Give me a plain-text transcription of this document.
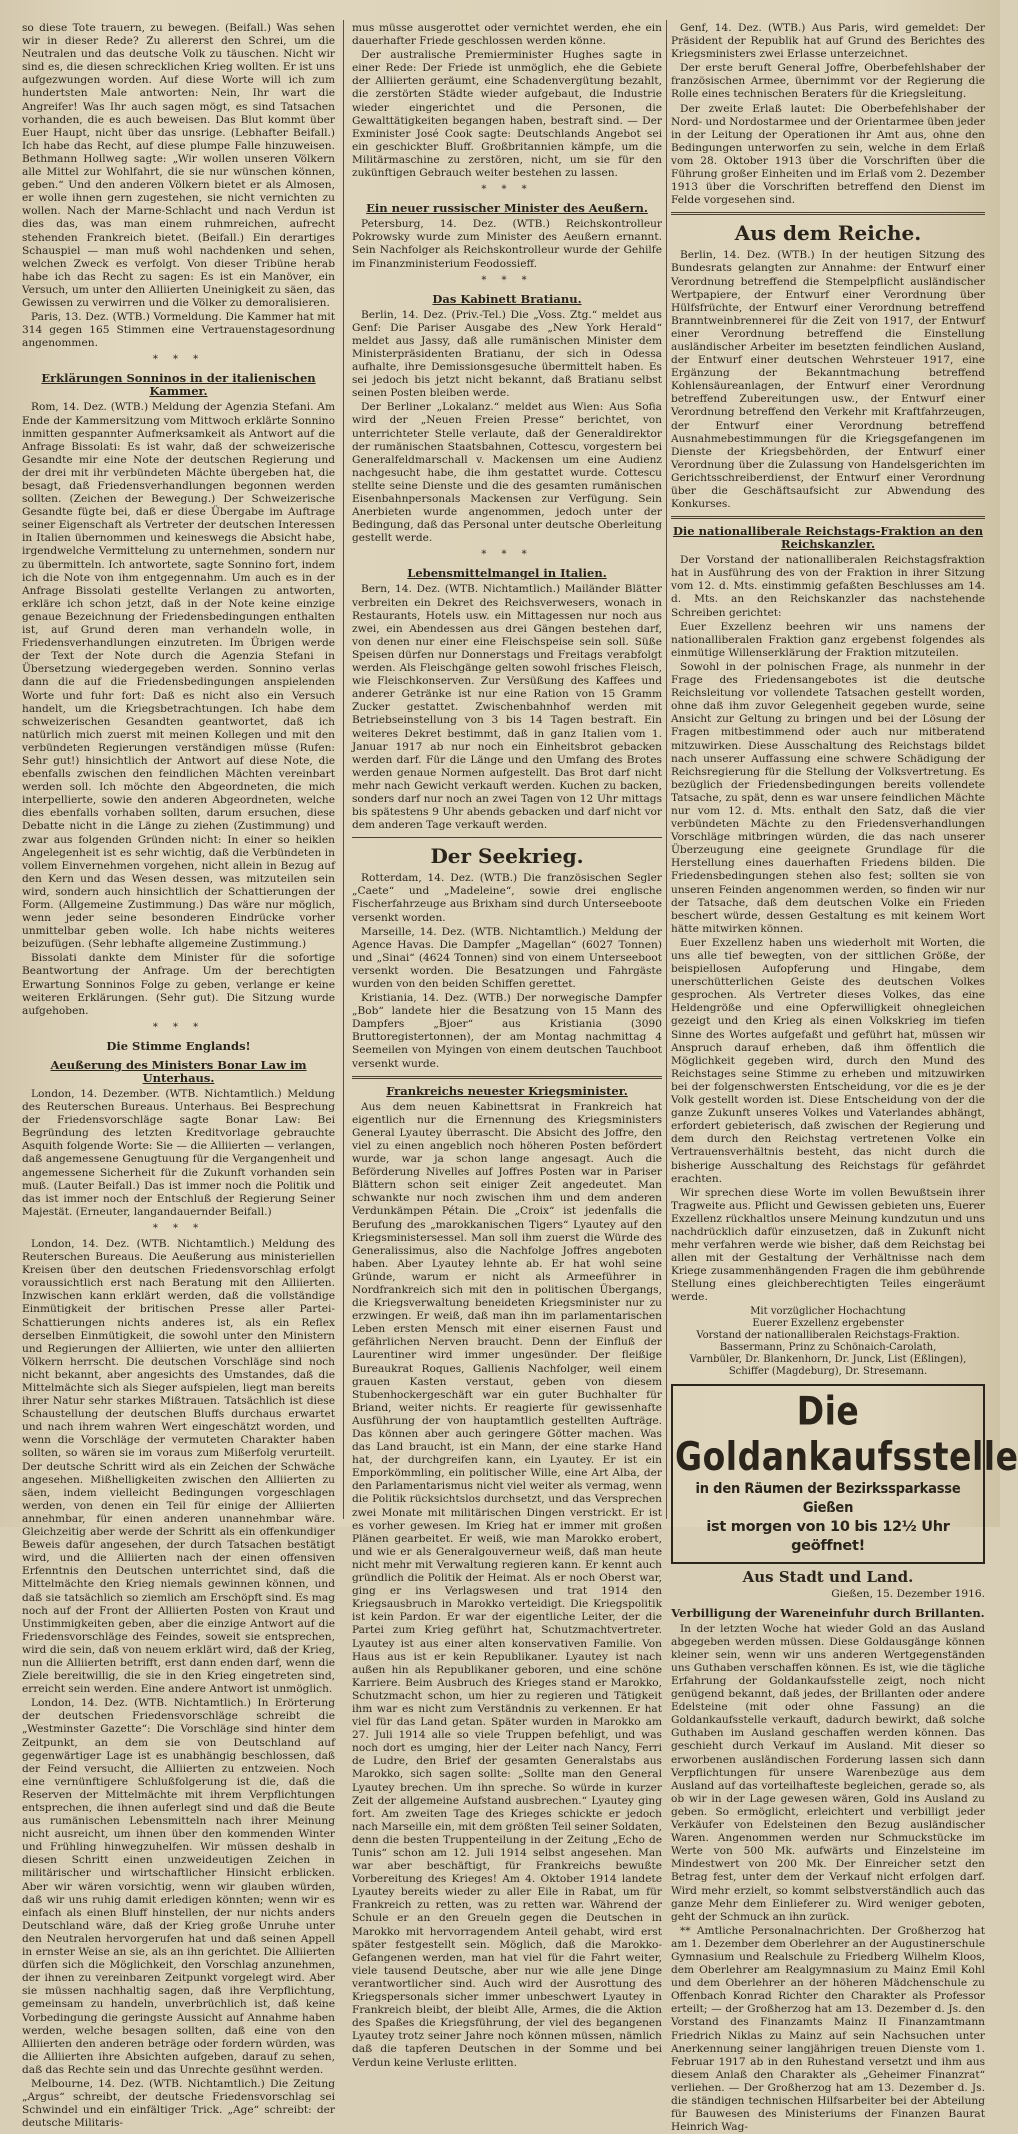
so diese Tote trauern, zu bewegen. (Beifall.) Was sehen wir in dieser Rede? Zu allererst den Schrei, um die Neutralen und das deutsche Volk zu täuschen. Nicht wir sind es, die diesen schrecklichen Krieg wollten. Er ist uns aufgezwungen worden. Auf diese Worte will ich zum hundertsten Male antworten: Nein, Ihr wart die Angreifer! Was Ihr auch sagen mögt, es sind Tatsachen vorhanden, die es auch beweisen. Das Blut kommt über Euer Haupt, nicht über das unsrige. (Lebhafter Beifall.) Ich habe das Recht, auf diese plumpe Falle hinzuweisen. Bethmann Hollweg sagte: „Wir wollen unseren Völkern alle Mittel zur Wohlfahrt, die sie nur wünschen können, geben.“ Und den anderen Völkern bietet er als Almosen, er wolle ihnen gern zugestehen, sie nicht vernichten zu wollen. Nach der Marne-Schlacht und nach Verdun ist dies das, was man einem ruhmreichen, aufrecht stehenden Frankreich bietet. (Beifall.) Ein derartiges Schauspiel — man muß wohl nachdenken und sehen, welchen Zweck es verfolgt. Von dieser Tribüne herab habe ich das Recht zu sagen: Es ist ein Manöver, ein Versuch, um unter den Alliierten Uneinigkeit zu säen, das Gewissen zu verwirren und die Völker zu demoralisieren.

Paris, 13. Dez. (WTB.) Vormeldung. Die Kammer hat mit 314 gegen 165 Stimmen eine Vertrauenstagesordnung angenommen.

* * *
Erklärungen Sonninos in der italienischen Kammer.

Rom, 14. Dez. (WTB.) Meldung der Agenzia Stefani. Am Ende der Kammersitzung vom Mittwoch erklärte Sonnino inmitten gespannter Aufmerksamkeit als Antwort auf die Anfrage Bissolati: Es ist wahr, daß der schweizerische Gesandte mir eine Note der deutschen Regierung und der drei mit ihr verbündeten Mächte übergeben hat, die besagt, daß Friedensverhandlungen begonnen werden sollten. (Zeichen der Bewegung.) Der Schweizerische Gesandte fügte bei, daß er diese Übergabe im Auftrage seiner Eigenschaft als Vertreter der deutschen Interessen in Italien übernommen und keineswegs die Absicht habe, irgendwelche Vermittelung zu unternehmen, sondern nur zu übermitteln. Ich antwortete, sagte Sonnino fort, indem ich die Note von ihm entgegennahm. Um auch es in der Anfrage Bissolati gestellte Verlangen zu antworten, erkläre ich schon jetzt, daß in der Note keine einzige genaue Bezeichnung der Friedensbedingungen enthalten ist, auf Grund deren man verhandeln wolle, in Friedensverhandlungen einzutreten. Im Übrigen werde der Text der Note durch die Agenzia Stefani in Übersetzung wiedergegeben werden. Sonnino verlas dann die auf die Friedensbedingungen anspielenden Worte und fuhr fort: Daß es nicht also ein Versuch handelt, um die Kriegsbetrachtungen. Ich habe dem schweizerischen Gesandten geantwortet, daß ich natürlich mich zuerst mit meinen Kollegen und mit den verbündeten Regierungen verständigen müsse (Rufen: Sehr gut!) hinsichtlich der Antwort auf diese Note, die ebenfalls zwischen den feindlichen Mächten vereinbart werden soll. Ich möchte den Abgeordneten, die mich interpellierte, sowie den anderen Abgeordneten, welche dies ebenfalls vorhaben sollten, darum ersuchen, diese Debatte nicht in die Länge zu ziehen (Zustimmung) und zwar aus folgenden Gründen nicht: In einer so heiklen Angelegenheit ist es sehr wichtig, daß die Verbündeten in vollem Einvernehmen vorgehen, nicht allein in Bezug auf den Kern und das Wesen dessen, was mitzuteilen sein wird, sondern auch hinsichtlich der Schattierungen der Form. (Allgemeine Zustimmung.) Das wäre nur möglich, wenn jeder seine besonderen Eindrücke vorher unmittelbar geben wolle. Ich habe nichts weiteres beizufügen. (Sehr lebhafte allgemeine Zustimmung.)

Bissolati dankte dem Minister für die sofortige Beantwortung der Anfrage. Um der berechtigten Erwartung Sonninos Folge zu geben, verlange er keine weiteren Erklärungen. (Sehr gut). Die Sitzung wurde aufgehoben.

* * *
Die Stimme Englands!
Aeußerung des Ministers Bonar Law im Unterhaus.

London, 14. Dezember. (WTB. Nichtamtlich.) Meldung des Reuterschen Bureaus. Unterhaus. Bei Besprechung der Friedensvorschläge sagte Bonar Law: Bei Begründung des letzten Kreditvorlage gebrauchte Asquith folgende Worte: Sie — die Alliierten — verlangen, daß angemessene Genugtuung für die Vergangenheit und angemessene Sicherheit für die Zukunft vorhanden sein muß. (Lauter Beifall.) Das ist immer noch die Politik und das ist immer noch der Entschluß der Regierung Seiner Majestät. (Erneuter, langandauernder Beifall.)

* * *

London, 14. Dez. (WTB. Nichtamtlich.) Meldung des Reuterschen Bureaus. Die Aeußerung aus ministeriellen Kreisen über den deutschen Friedensvorschlag erfolgt voraussichtlich erst nach Beratung mit den Alliierten. Inzwischen kann erklärt werden, daß die vollständige Einmütigkeit der britischen Presse aller Partei-Schattierungen nichts anderes ist, als ein Reflex derselben Einmütigkeit, die sowohl unter den Ministern und Regierungen der Alliierten, wie unter den alliierten Völkern herrscht. Die deutschen Vorschläge sind noch nicht bekannt, aber angesichts des Umstandes, daß die Mittelmächte sich als Sieger aufspielen, liegt man bereits ihrer Natur sehr starkes Mißtrauen. Tatsächlich ist diese Schaustellung der deutschen Bluffs durchaus erwartet und nach ihrem wahren Wert eingeschätzt worden, und wenn die Vorschläge der vermuteten Charakter haben sollten, so wären sie im voraus zum Mißerfolg verurteilt. Der deutsche Schritt wird als ein Zeichen der Schwäche angesehen. Mißhelligkeiten zwischen den Alliierten zu säen, indem vielleicht Bedingungen vorgeschlagen werden, von denen ein Teil für einige der Alliierten annehmbar, für einen anderen unannehmbar wäre. Gleichzeitig aber werde der Schritt als ein offenkundiger Beweis dafür angesehen, der durch Tatsachen bestätigt wird, und die Alliierten nach der einen offensiven Erfenntnis den Deutschen unterrichtet sind, daß die Mittelmächte den Krieg niemals gewinnen können, und daß sie tatsächlich so ziemlich am Erschöpft sind. Es mag noch auf der Front der Alliierten Posten von Kraut und Unstimmigkeiten geben, aber die einzige Antwort auf die Friedensvorschläge des Feindes, soweit sie entsprechen, wird die sein, daß von neuem erklärt wird, daß der Krieg, nun die Alliierten betrifft, erst dann enden darf, wenn die Ziele bereitwillig, die sie in den Krieg eingetreten sind, erreicht sein werden. Eine andere Antwort ist unmöglich.

London, 14. Dez. (WTB. Nichtamtlich.) In Erörterung der deutschen Friedensvorschläge schreibt die „Westminster Gazette“: Die Vorschläge sind hinter dem Zeitpunkt, an dem sie von Deutschland auf gegenwärtiger Lage ist es unabhängig beschlossen, daß der Feind versucht, die Alliierten zu entzweien. Noch eine vernünftigere Schlußfolgerung ist die, daß die Reserven der Mittelmächte mit ihrem Verpflichtungen entsprechen, die ihnen auferlegt sind und daß die Beute aus rumänischen Lebensmitteln nach ihrer Meinung nicht ausreicht, um ihnen über den kommenden Winter und Frühling hinwegzuhelfen. Wir müssen deshalb in diesen Schritt einen unzweideutigen Zeichen in militärischer und wirtschaftlicher Hinsicht erblicken. Aber wir wären vorsichtig, wenn wir glauben würden, daß wir uns ruhig damit erledigen könnten; wenn wir es einfach als einen Bluff hinstellen, der nur nichts anders Deutschland wäre, daß der Krieg große Unruhe unter den Neutralen hervorgerufen hat und daß seinen Appell in ernster Weise an sie, als an ihn gerichtet. Die Alliierten dürfen sich die Möglichkeit, den Vorschlag anzunehmen, der ihnen zu vereinbaren Zeitpunkt vorgelegt wird. Aber sie müssen nachhaltig sagen, daß ihre Verpflichtung, gemeinsam zu handeln, unverbrüchlich ist, daß keine Vorbedingung die geringste Aussicht auf Annahme haben werden, welche besagen sollten, daß eine von den Alliierten den anderen beträge oder fordern würden, was die Alliierten ihre Absichten aufgeben, darauf zu sehen, daß das Rechte sein und das Unrechte gesühnt werden.

Melbourne, 14. Dez. (WTB. Nichtamtlich.) Die Zeitung „Argus“ schreibt, der deutsche Friedensvorschlag sei Schwindel und ein einfältiger Trick. „Age“ schreibt: der deutsche Militaris-

mus müsse ausgerottet oder vernichtet werden, ehe ein dauerhafter Friede geschlossen werden könne.

Der australische Premierminister Hughes sagte in einer Rede: Der Friede ist unmöglich, ehe die Gebiete der Alliierten geräumt, eine Schadenvergütung bezahlt, die zerstörten Städte wieder aufgebaut, die Industrie wieder eingerichtet und die Personen, die Gewalttätigkeiten begangen haben, bestraft sind. — Der Exminister José Cook sagte: Deutschlands Angebot sei ein geschickter Bluff. Großbritannien kämpfe, um die Militärmaschine zu zerstören, nicht, um sie für den zukünftigen Gebrauch weiter bestehen zu lassen.

* * *
Ein neuer russischer Minister des Aeußern.

Petersburg, 14. Dez. (WTB.) Reichskontrolleur Pokrowsky wurde zum Minister des Aeußern ernannt. Sein Nachfolger als Reichskontrolleur wurde der Gehilfe im Finanzministerium Feodossieff.

* * *
Das Kabinett Bratianu.

Berlin, 14. Dez. (Priv.-Tel.) Die „Voss. Ztg.“ meldet aus Genf: Die Pariser Ausgabe des „New York Herald“ meldet aus Jassy, daß alle rumänischen Minister dem Ministerpräsidenten Bratianu, der sich in Odessa aufhalte, ihre Demissionsgesuche übermittelt haben. Es sei jedoch bis jetzt nicht bekannt, daß Bratianu selbst seinen Posten bleiben werde.

Der Berliner „Lokalanz.“ meldet aus Wien: Aus Sofia wird der „Neuen Freien Presse“ berichtet, von unterrichteter Stelle verlaute, daß der Generaldirektor der rumänischen Staatsbahnen, Cottescu, vorgestern bei Generalfeldmarschall v. Mackensen um eine Audienz nachgesucht habe, die ihm gestattet wurde. Cottescu stellte seine Dienste und die des gesamten rumänischen Eisenbahnpersonals Mackensen zur Verfügung. Sein Anerbieten wurde angenommen, jedoch unter der Bedingung, daß das Personal unter deutsche Oberleitung gestellt werde.

* * *
Lebensmittelmangel in Italien.

Bern, 14. Dez. (WTB. Nichtamtlich.) Mailänder Blätter verbreiten ein Dekret des Reichsverwesers, wonach in Restaurants, Hotels usw. ein Mittagessen nur noch aus zwei, ein Abendessen aus drei Gängen bestehen darf, von denen nur einer eine Fleischspeise sein soll. Süße Speisen dürfen nur Donnerstags und Freitags verabfolgt werden. Als Fleischgänge gelten sowohl frisches Fleisch, wie Fleischkonserven. Zur Versüßung des Kaffees und anderer Getränke ist nur eine Ration von 15 Gramm Zucker gestattet. Zwischenbahnhof werden mit Betriebseinstellung von 3 bis 14 Tagen bestraft. Ein weiteres Dekret bestimmt, daß in ganz Italien vom 1. Januar 1917 ab nur noch ein Einheitsbrot gebacken werden darf. Für die Länge und den Umfang des Brotes werden genaue Normen aufgestellt. Das Brot darf nicht mehr nach Gewicht verkauft werden. Kuchen zu backen, sonders darf nur noch an zwei Tagen von 12 Uhr mittags bis spätestens 9 Uhr abends gebacken und darf nicht vor dem anderen Tage verkauft werden.

Der Seekrieg.

Rotterdam, 14. Dez. (WTB.) Die französischen Segler „Caete“ und „Madeleine“, sowie drei englische Fischerfahrzeuge aus Brixham sind durch Unterseeboote versenkt worden.

Marseille, 14. Dez. (WTB. Nichtamtlich.) Meldung der Agence Havas. Die Dampfer „Magellan“ (6027 Tonnen) und „Sinai“ (4624 Tonnen) sind von einem Unterseeboot versenkt worden. Die Besatzungen und Fahrgäste wurden von den beiden Schiffen gerettet.

Kristiania, 14. Dez. (WTB.) Der norwegische Dampfer „Bob“ landete hier die Besatzung von 15 Mann des Dampfers „Bjoer“ aus Kristiania (3090 Bruttoregistertonnen), der am Montag nachmittag 4 Seemeilen von Myingen von einem deutschen Tauchboot versenkt wurde.

Frankreichs neuester Kriegsminister.

Aus dem neuen Kabinettsrat in Frankreich hat eigentlich nur die Ernennung des Kriegsministers General Lyautey überrascht. Die Absicht des Joffre, den viel zu einen angeblich noch höheren Posten befördert wurde, war ja schon lange angesagt. Auch die Beförderung Nivelles auf Joffres Posten war in Pariser Blättern schon seit einiger Zeit angedeutet. Man schwankte nur noch zwischen ihm und dem anderen Verdunkämpen Pétain. Die „Croix“ ist jedenfalls die Berufung des „marokkanischen Tigers“ Lyautey auf den Kriegsministersessel. Man soll ihm zuerst die Würde des Generalissimus, also die Nachfolge Joffres angeboten haben. Aber Lyautey lehnte ab. Er hat wohl seine Gründe, warum er nicht als Armeeführer in Nordfrankreich sich mit den in politischen Übergangs, die Kriegsverwaltung beneideten Kriegsminister nur zu erzwingen. Er weiß, daß man ihn im parlamentarischen Leben ersten Mensch mit einer eisernen Faust und gefährlichen Nerven braucht. Denn der Einfluß der Laurentiner wird immer ungesünder. Der fleißige Bureaukrat Roques, Gallienis Nachfolger, weil einem grauen Kasten verstaut, geben von diesem Stubenhockergeschäft war ein guter Buchhalter für Briand, weiter nichts. Er reagierte für gewissenhafte Ausführung der von hauptamtlich gestellten Aufträge. Das können aber auch geringere Götter machen. Was das Land braucht, ist ein Mann, der eine starke Hand hat, der durchgreifen kann, ein Lyautey. Er ist ein Emporkömmling, ein politischer Wille, eine Art Alba, der den Parlamentarismus nicht viel weiter als vermag, wenn die Politik rücksichtslos durchsetzt, und das Versprechen zwei Monate mit militärischen Dingen verstrickt. Er ist es vorher gewesen. Im Krieg hat er immer mit großen Plänen gearbeitet. Er weiß, wie man Marokko erobert, und wie er als Generalgouverneur weiß, daß man heute nicht mehr mit Verwaltung regieren kann. Er kennt auch gründlich die Politik der Heimat. Als er noch Oberst war, ging er ins Verlagswesen und trat 1914 den Kriegsausbruch in Marokko verteidigt. Die Kriegspolitik ist kein Pardon. Er war der eigentliche Leiter, der die Partei zum Krieg geführt hat, Schutzmachtvertreter. Lyautey ist aus einer alten konservativen Familie. Von Haus aus ist er kein Republikaner. Lyautey ist nach außen hin als Republikaner geboren, und eine schöne Karriere. Beim Ausbruch des Krieges stand er Marokko, Schutzmacht schon, um hier zu regieren und Tätigkeit ihm war es nicht zum Verständnis zu verkennen. Er hat viel für das Land getan. Später wurden in Marokko am 27. Juli 1914 alle so viele Truppen befehligt, und was noch dort es umging, hier der Leiter nach Nancy, Ferri de Ludre, den Brief der gesamten Generalstabs aus Marokko, sich sagen sollte: „Sollte man den General Lyautey brechen. Um ihn spreche. So würde in kurzer Zeit der allgemeine Aufstand ausbrechen.“ Lyautey ging fort. Am zweiten Tage des Krieges schickte er jedoch nach Marseille ein, mit dem größten Teil seiner Soldaten, denn die besten Truppenteilung in der Zeitung „Echo de Tunis“ schon am 12. Juli 1914 selbst angesehen. Man war aber beschäftigt, für Frankreichs bewußte Vorbereitung des Krieges! Am 4. Oktober 1914 landete Lyautey bereits wieder zu aller Eile in Rabat, um für Frankreich zu retten, was zu retten war. Während der Schule er an den Greueln gegen die Deutschen in Marokko mit hervorragendem Anteil gehabt, wird erst später festgestellt sein. Möglich, daß die Marokko-Gefangenen werden, man hat viel für die Fahrt weiter, viele tausend Deutsche, aber nur wie alle jene Dinge verantwortlicher sind. Auch wird der Ausrottung des Kriegspersonals sicher immer unbeschwert Lyautey in Frankreich bleibt, der bleibt Alle, Armes, die die Aktion des Spaßes die Kriegsführung, der viel des begangenen Lyautey trotz seiner Jahre noch können müssen, nämlich daß die tapferen Deutschen in der Somme und bei Verdun keine Verluste erlitten.

Genf, 14. Dez. (WTB.) Aus Paris, wird gemeldet: Der Präsident der Republik hat auf Grund des Berichtes des Kriegsministers zwei Erlasse unterzeichnet.

Der erste beruft General Joffre, Oberbefehlshaber der französischen Armee, übernimmt vor der Regierung die Rolle eines technischen Beraters für die Kriegsleitung.

Der zweite Erlaß lautet: Die Oberbefehlshaber der Nord- und Nordostarmee und der Orientarmee üben jeder in der Leitung der Operationen ihr Amt aus, ohne den Bedingungen unterworfen zu sein, welche in dem Erlaß vom 28. Oktober 1913 über die Vorschriften über die Führung großer Einheiten und im Erlaß vom 2. Dezember 1913 über die Vorschriften betreffend den Dienst im Felde vorgesehen sind.

Aus dem Reiche.

Berlin, 14. Dez. (WTB.) In der heutigen Sitzung des Bundesrats gelangten zur Annahme: der Entwurf einer Verordnung betreffend die Stempelpflicht ausländischer Wertpapiere, der Entwurf einer Verordnung über Hülfsfrüchte, der Entwurf einer Verordnung betreffend Branntweinbrennerei für die Zeit von 1917, der Entwurf einer Verordnung betreffend die Einstellung ausländischer Arbeiter im besetzten feindlichen Ausland, der Entwurf einer deutschen Wehrsteuer 1917, eine Ergänzung der Bekanntmachung betreffend Kohlensäureanlagen, der Entwurf einer Verordnung betreffend Zubereitungen usw., der Entwurf einer Verordnung betreffend den Verkehr mit Kraftfahrzeugen, der Entwurf einer Verordnung betreffend Ausnahmebestimmungen für die Kriegsgefangenen im Dienste der Kriegsbehörden, der Entwurf einer Verordnung über die Zulassung von Handelsgerichten im Gerichtsschreiberdienst, der Entwurf einer Verordnung über die Geschäftsaufsicht zur Abwendung des Konkurses.

Die nationalliberale Reichstags-Fraktion an den Reichskanzler.

Der Vorstand der nationalliberalen Reichstagsfraktion hat in Ausführung des von der Fraktion in ihrer Sitzung vom 12. d. Mts. einstimmig gefaßten Beschlusses am 14. d. Mts. an den Reichskanzler das nachstehende Schreiben gerichtet:

Euer Exzellenz beehren wir uns namens der nationalliberalen Fraktion ganz ergebenst folgendes als einmütige Willenserklärung der Fraktion mitzuteilen.

Sowohl in der polnischen Frage, als nunmehr in der Frage des Friedensangebotes ist die deutsche Reichsleitung vor vollendete Tatsachen gestellt worden, ohne daß ihm zuvor Gelegenheit gegeben wurde, seine Ansicht zur Geltung zu bringen und bei der Lösung der Fragen mitbestimmend oder auch nur mitberatend mitzuwirken. Diese Ausschaltung des Reichstags bildet nach unserer Auffassung eine schwere Schädigung der Reichsregierung für die Stellung der Volksvertretung. Es bezüglich der Friedensbedingungen bereits vollendete Tatsache, zu spät, denn es war unsere feindlichen Mächte nur vom 12. d. Mts. enthalt den Satz, daß die vier verbündeten Mächte zu den Friedensverhandlungen Vorschläge mitbringen würden, die das nach unserer Überzeugung eine geeignete Grundlage für die Herstellung eines dauerhaften Friedens bilden. Die Friedensbedingungen stehen also fest; sollten sie von unseren Feinden angenommen werden, so finden wir nur der Tatsache, daß dem deutschen Volke ein Frieden beschert würde, dessen Gestaltung es mit keinem Wort hätte mitwirken können.

Euer Exzellenz haben uns wiederholt mit Worten, die uns alle tief bewegten, von der sittlichen Größe, der beispiellosen Aufopferung und Hingabe, dem unerschütterlichen Geiste des deutschen Volkes gesprochen. Als Vertreter dieses Volkes, das eine Heldengröße und eine Opferwilligkeit ohnegleichen gezeigt und den Krieg als einen Volkskrieg im tiefen Sinne des Wortes aufgefaßt und geführt hat, müssen wir Anspruch darauf erheben, daß ihm öffentlich die Möglichkeit gegeben wird, durch den Mund des Reichstages seine Stimme zu erheben und mitzuwirken bei der folgenschwersten Entscheidung, vor die es je der Volk gestellt worden ist. Diese Entscheidung von der die ganze Zukunft unseres Volkes und Vaterlandes abhängt, erfordert gebieterisch, daß zwischen der Regierung und dem durch den Reichstag vertretenen Volke ein Vertrauensverhältnis besteht, das nicht durch die bisherige Ausschaltung des Reichstags für gefährdet erachten.

Wir sprechen diese Worte im vollen Bewußtsein ihrer Tragweite aus. Pflicht und Gewissen gebieten uns, Euerer Exzellenz rückhaltlos unsere Meinung kundzutun und uns nachdrücklich dafür einzusetzen, daß in Zukunft nicht mehr verfahren werde wie bisher, daß dem Reichstag bei allen mit der Gestaltung der Verhältnisse nach dem Kriege zusammenhängenden Fragen die ihm gebührende Stellung eines gleichberechtigten Teiles eingeräumt werde.

Mit vorzüglicher Hochachtung
Euerer Exzellenz ergebenster
Vorstand der nationalliberalen Reichstags-Fraktion.
Bassermann, Prinz zu Schönaich-Carolath,
Varnbüler, Dr. Blankenhorn, Dr. Junck, List (Eßlingen),
Schiffer (Magdeburg), Dr. Stresemann.
Die Goldankaufsstelle
in den Räumen der Bezirkssparkasse Gießen
ist morgen von 10 bis 12½ Uhr geöffnet!
Aus Stadt und Land.
Gießen, 15. Dezember 1916.
Verbilligung der Wareneinfuhr durch Brillanten.

In der letzten Woche hat wieder Gold an das Ausland abgegeben werden müssen. Diese Goldausgänge können kleiner sein, wenn wir uns anderen Wertgegenständen uns Guthaben verschaffen können. Es ist, wie die tägliche Erfahrung der Goldankaufsstelle zeigt, noch nicht genügend bekannt, daß jedes, der Brillanten oder andere Edelsteine (mit oder ohne Fassung) an die Goldankaufsstelle verkauft, dadurch bewirkt, daß solche Guthaben im Ausland geschaffen werden können. Das geschieht durch Verkauf im Ausland. Mit dieser so erworbenen ausländischen Forderung lassen sich dann Verpflichtungen für unsere Warenbezüge aus dem Ausland auf das vorteilhafteste begleichen, gerade so, als ob wir in der Lage gewesen wären, Gold ins Ausland zu geben. So ermöglicht, erleichtert und verbilligt jeder Verkäufer von Edelsteinen den Bezug ausländischer Waren. Angenommen werden nur Schmuckstücke im Werte von 500 Mk. aufwärts und Einzelsteine im Mindestwert von 200 Mk. Der Einreicher setzt den Betrag fest, unter dem der Verkauf nicht erfolgen darf. Wird mehr erzielt, so kommt selbstverständlich auch das ganze Mehr dem Einlieferer zu. Wird weniger geboten, geht der Schmuck an ihn zurück.

** Amtliche Personalnachrichten. Der Großherzog hat am 1. Dezember dem Oberlehrer an der Augustinerschule Gymnasium und Realschule zu Friedberg Wilhelm Kloos, dem Oberlehrer am Realgymnasium zu Mainz Emil Kohl und dem Oberlehrer an der höheren Mädchenschule zu Offenbach Konrad Richter den Charakter als Professor erteilt; — der Großherzog hat am 13. Dezember d. Js. den Vorstand des Finanzamts Mainz II Finanzamtmann Friedrich Niklas zu Mainz auf sein Nachsuchen unter Anerkennung seiner langjährigen treuen Dienste vom 1. Februar 1917 ab in den Ruhestand versetzt und ihm aus diesem Anlaß den Charakter als „Geheimer Finanzrat“ verliehen. — Der Großherzog hat am 13. Dezember d. Js. die ständigen technischen Hilfsarbeiter bei der Abteilung für Bauwesen des Ministeriums der Finanzen Baurat Heinrich Wag-
